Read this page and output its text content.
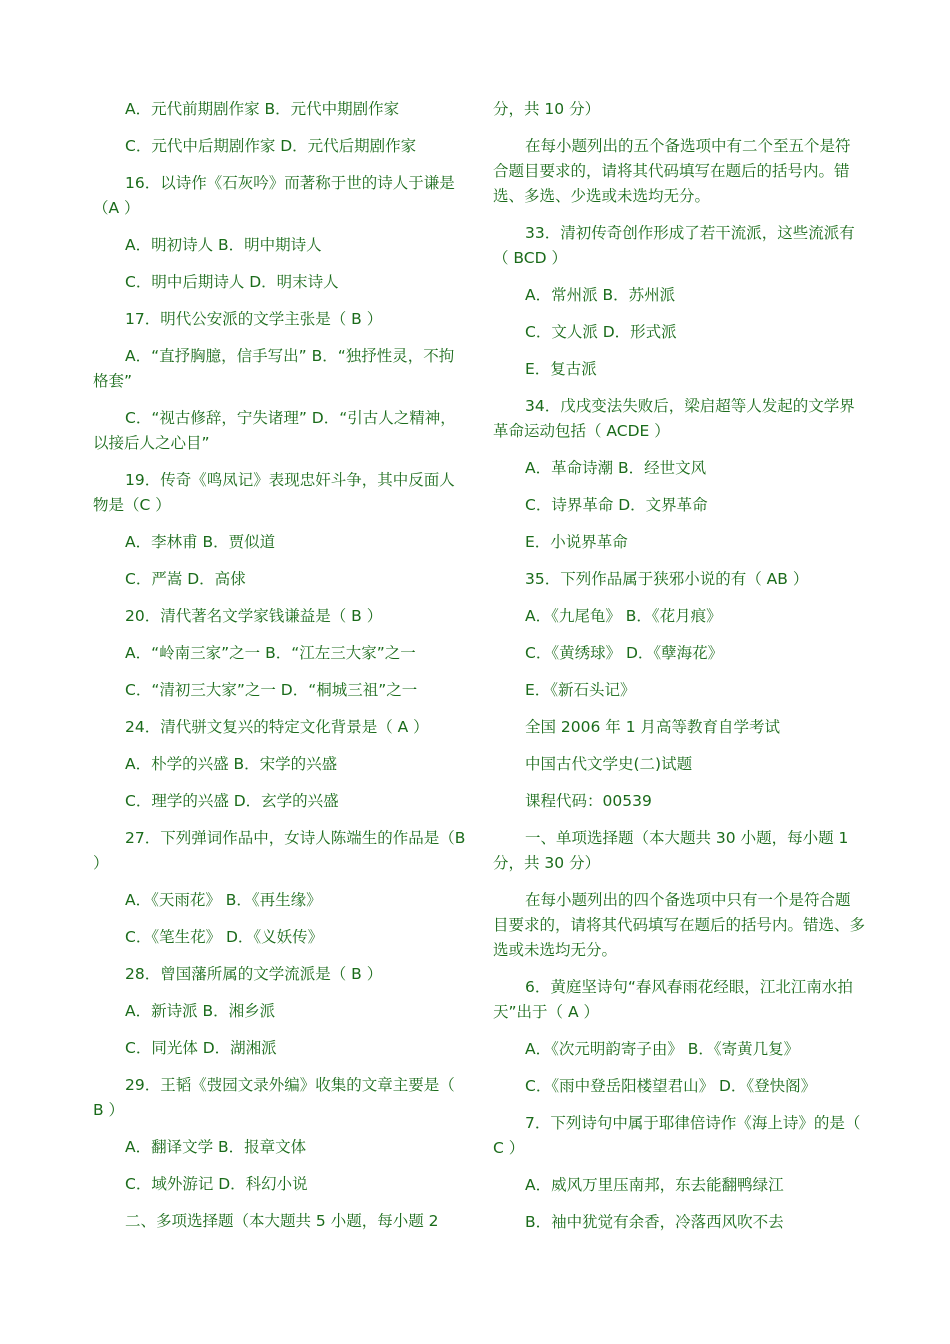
A．元代前期剧作家 B．元代中期剧作家

C．元代中后期剧作家 D．元代后期剧作家

16．以诗作《石灰吟》而著称于世的诗人于谦是（A ）

A．明初诗人 B．明中期诗人

C．明中后期诗人 D．明末诗人

17．明代公安派的文学主张是（ B ）

A．“直抒胸臆，信手写出” B．“独抒性灵，不拘格套”

C．“视古修辞，宁失诸理” D．“引古人之精神，以接后人之心目”

19．传奇《鸣凤记》表现忠奸斗争，其中反面人物是（C ）

A．李林甫 B．贾似道

C．严嵩 D．高俅

20．清代著名文学家钱谦益是（ B ）

A．“岭南三家”之一 B．“江左三大家”之一

C．“清初三大家”之一 D．“桐城三祖”之一

24．清代骈文复兴的特定文化背景是（ A ）

A．朴学的兴盛 B．宋学的兴盛

C．理学的兴盛 D．玄学的兴盛

27．下列弹词作品中，女诗人陈端生的作品是（B ）

A．《天雨花》 B．《再生缘》

C．《笔生花》 D．《义妖传》

28．曾国藩所属的文学流派是（ B ）

A．新诗派 B．湘乡派

C．同光体 D．湖湘派

29．王韬《弢园文录外编》收集的文章主要是（ B ）

A．翻译文学 B．报章文体

C．域外游记 D．科幻小说

二、多项选择题（本大题共 5 小题，每小题 2

分，共 10 分）

在每小题列出的五个备选项中有二个至五个是符合题目要求的，请将其代码填写在题后的括号内。错选、多选、少选或未选均无分。

33．清初传奇创作形成了若干流派，这些流派有（ BCD ）

A．常州派 B．苏州派

C．文人派 D．形式派

E．复古派

34．戊戌变法失败后，梁启超等人发起的文学界革命运动包括（ ACDE ）

A．革命诗潮 B．经世文风

C．诗界革命 D．文界革命

E．小说界革命

35．下列作品属于狭邪小说的有（ AB ）

A．《九尾龟》 B．《花月痕》

C．《黄绣球》 D．《孽海花》

E．《新石头记》

全国 2006 年 1 月高等教育自学考试

中国古代文学史(二)试题

课程代码：00539

一、单项选择题（本大题共 30 小题，每小题 1 分，共 30 分）

在每小题列出的四个备选项中只有一个是符合题目要求的，请将其代码填写在题后的括号内。错选、多选或未选均无分。

6．黄庭坚诗句“春风春雨花经眼，江北江南水拍天”出于（ A ）

A．《次元明韵寄子由》 B．《寄黄几复》

C．《雨中登岳阳楼望君山》 D．《登快阁》

7．下列诗句中属于耶律倍诗作《海上诗》的是（ C ）

A．威风万里压南邦，东去能翻鸭绿江

B．袖中犹觉有余香，冷落西风吹不去
